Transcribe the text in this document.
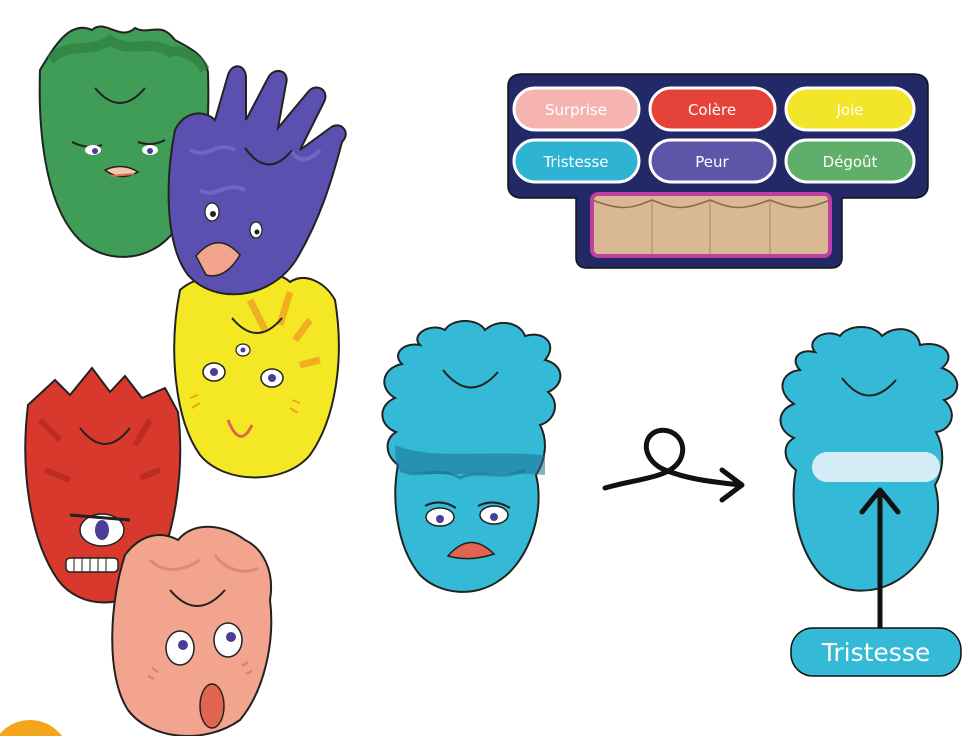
Surprise	Colère	Joie
Tristesse	Peur	Dégoût
Tristesse
